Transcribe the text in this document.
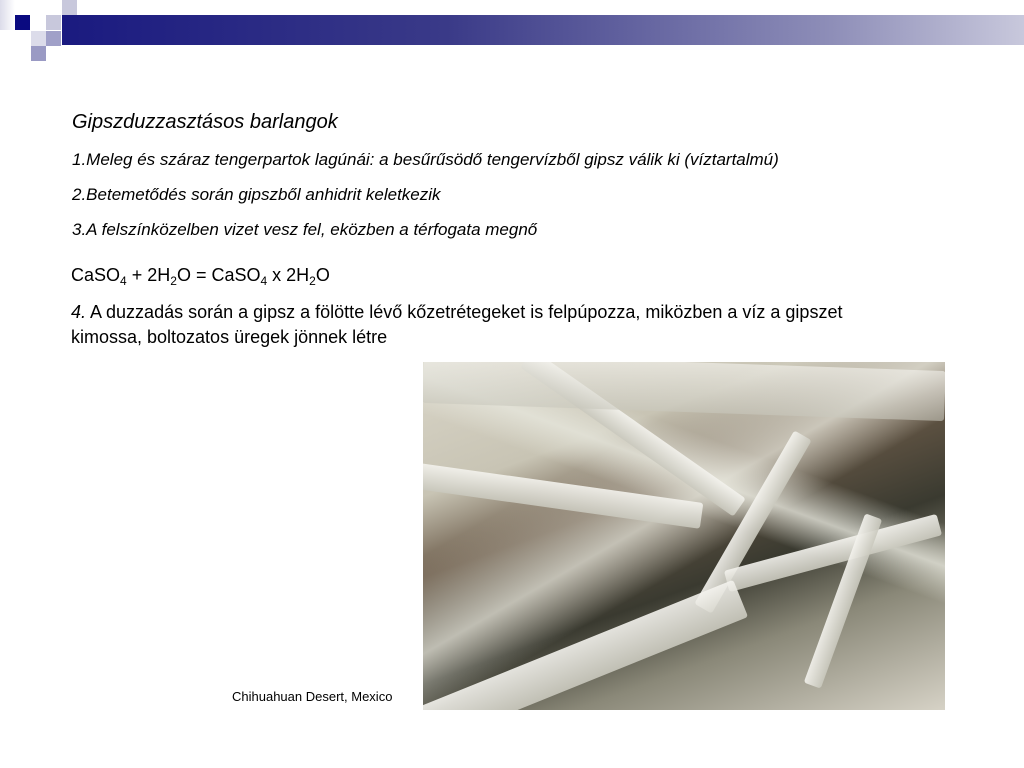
Gipszduzzasztásos barlangok
1.Meleg és száraz tengerpartok lagúnái: a besűrűsödő tengervízből gipsz válik ki (víztartalmú)
2.Betemetődés során gipszből anhidrit keletkezik
3.A felszínközelben vizet vesz fel, eközben a térfogata megnő
CaSO$_4$ + $2H_2O$ = CaSO$_4$ x $2H_2O$
4. A duzzadás során a gipsz a fölötte lévő kőzetrétegeket is felpúpozza, miközben a víz a gipszet
kimossa, boltozatos üregek jönnek létre
Chihuahuan Desert, Mexico
